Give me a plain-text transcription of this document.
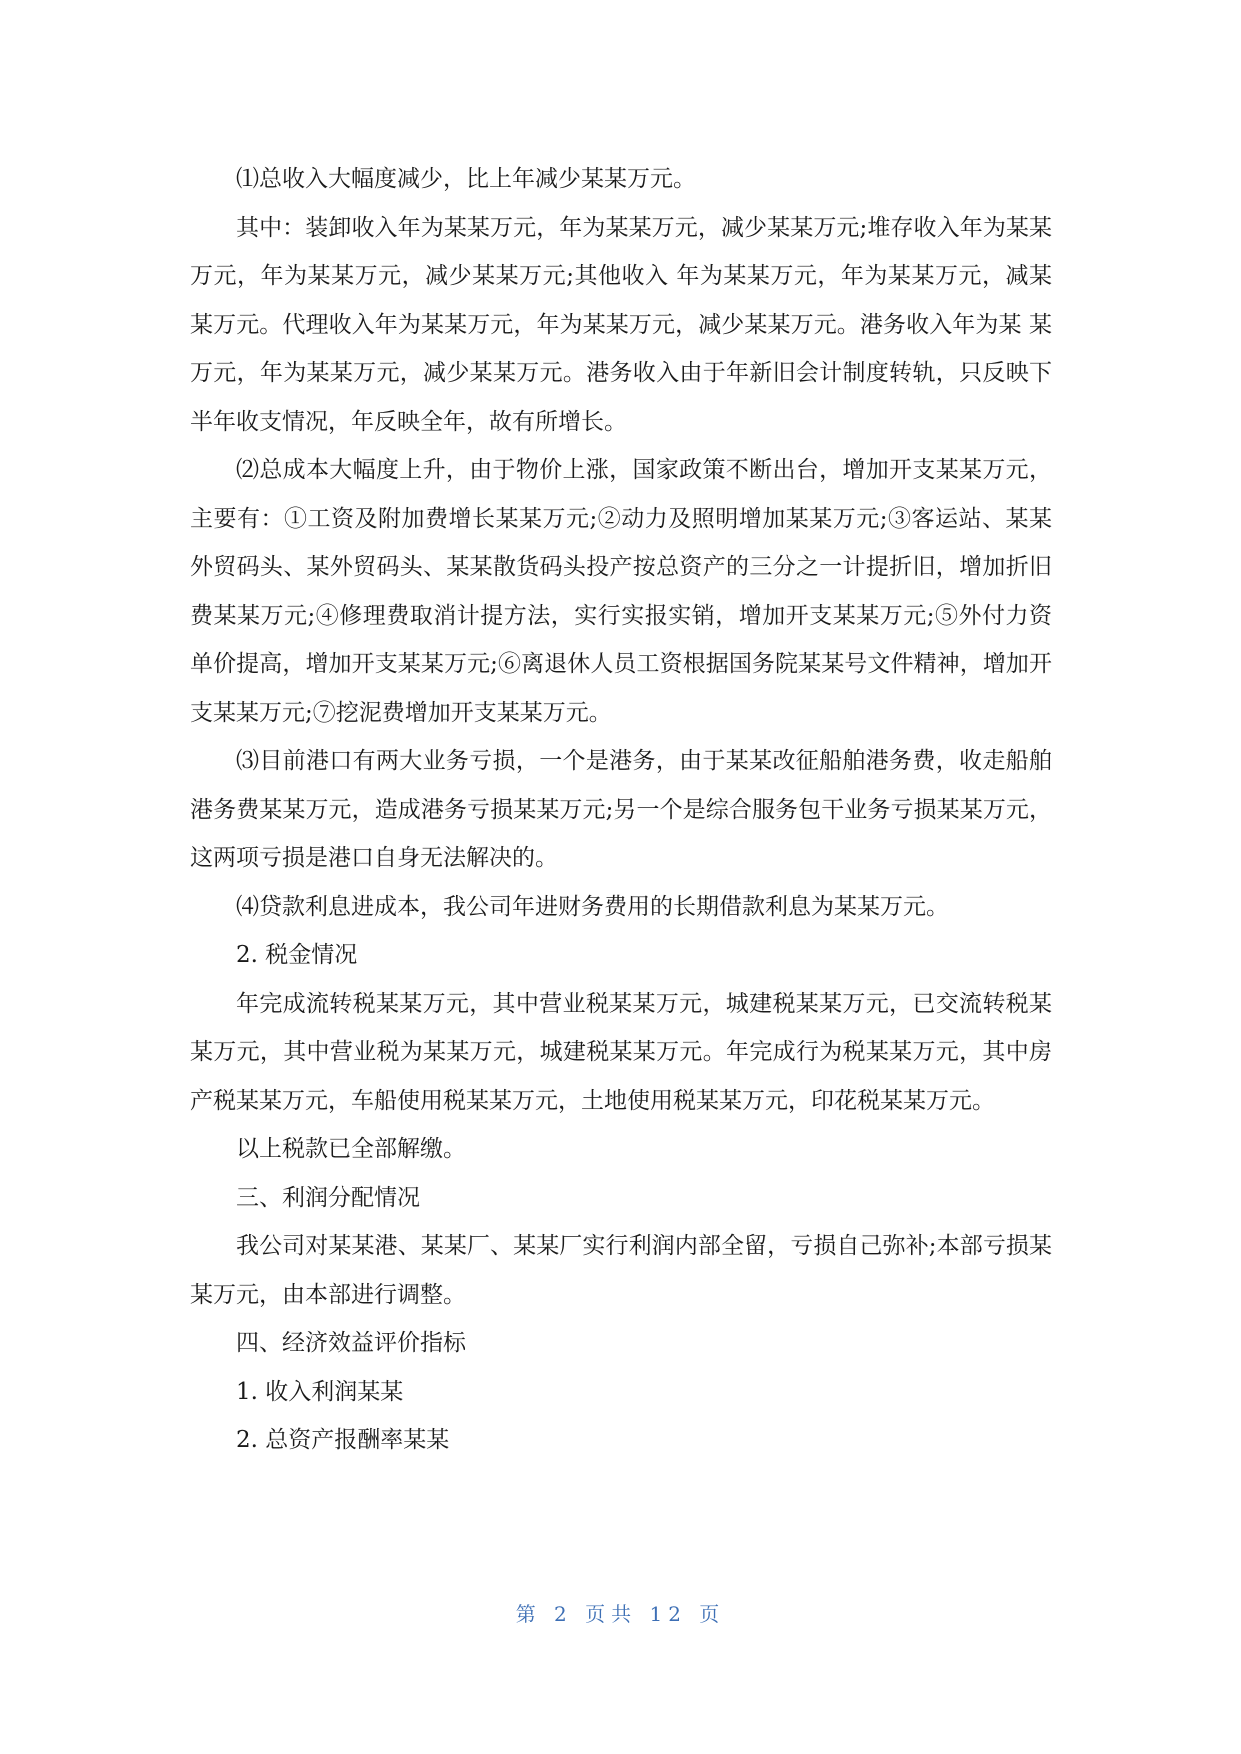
⑴总收入大幅度减少，比上年减少某某万元。

其中：装卸收入年为某某万元，年为某某万元，减少某某万元;堆存收入年为某某万元，年为某某万元，减少某某万元;其他收入 年为某某万元，年为某某万元，减某某万元。代理收入年为某某万元，年为某某万元，减少某某万元。港务收入年为某 某万元，年为某某万元，减少某某万元。港务收入由于年新旧会计制度转轨，只反映下半年收支情况，年反映全年，故有所增长。

⑵总成本大幅度上升，由于物价上涨，国家政策不断出台，增加开支某某万元，主要有：①工资及附加费增长某某万元;②动力及照明增加某某万元;③客运站、某某 外贸码头、某外贸码头、某某散货码头投产按总资产的三分之一计提折旧，增加折旧费某某万元;④修理费取消计提方法，实行实报实销，增加开支某某万元;⑤外付力资单价提高，增加开支某某万元;⑥离退休人员工资根据国务院某某号文件精神，增加开支某某万元;⑦挖泥费增加开支某某万元。

⑶目前港口有两大业务亏损，一个是港务，由于某某改征船舶港务费，收走船舶港务费某某万元，造成港务亏损某某万元;另一个是综合服务包干业务亏损某某万元，这两项亏损是港口自身无法解决的。

⑷贷款利息进成本，我公司年进财务费用的长期借款利息为某某万元。

2. 税金情况

年完成流转税某某万元，其中营业税某某万元，城建税某某万元，已交流转税某某万元，其中营业税为某某万元，城建税某某万元。年完成行为税某某万元，其中房产税某某万元，车船使用税某某万元，土地使用税某某万元，印花税某某万元。

以上税款已全部解缴。

三、利润分配情况

我公司对某某港、某某厂、某某厂实行利润内部全留，亏损自己弥补;本部亏损某某万元，由本部进行调整。

四、经济效益评价指标

1. 收入利润某某

2. 总资产报酬率某某

第 2 页共 12 页
